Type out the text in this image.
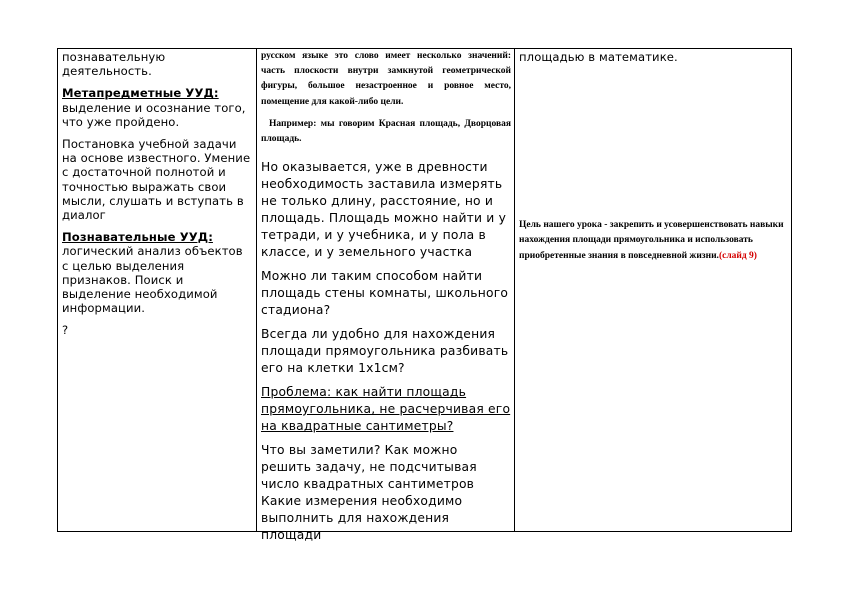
познавательную деятельность.

Метапредметные УУД:
выделение и осознание того, что уже пройдено.

Постановка учебной задачи на основе известного. Умение с достаточной полнотой и точностью выражать свои мысли, слушать и вступать в диалог

Познавательные УУД:
логический анализ объектов с целью выделения признаков. Поиск и выделение необходимой информации.

?

русском языке это слово имеет несколько значений: часть плоскости внутри замкнутой геометрической фигуры, большое незастроенное и ровное место, помещение для какой-либо цели.

Например: мы говорим Красная площадь, Дворцовая площадь.

Но оказывается, уже в древности необходимость заставила измерять не только длину, расстояние, но и площадь. Площадь можно найти и у тетради, и у учебника, и у пола в классе, и у земельного участка

Можно ли таким способом найти площадь стены комнаты, школьного стадиона?

Всегда ли удобно для нахождения площади прямоугольника разбивать его на клетки 1х1см?

Проблема: как найти площадь прямоугольника, не расчерчивая его на квадратные сантиметры?

Что вы заметили? Как можно решить задачу, не подсчитывая число квадратных сантиметров Какие измерения необходимо выполнить для нахождения площади

площадью в математике.

Цель нашего урока - закрепить и усовершенствовать навыки нахождения площади прямоугольника и использовать приобретенные знания в повседневной жизни.(слайд 9)
